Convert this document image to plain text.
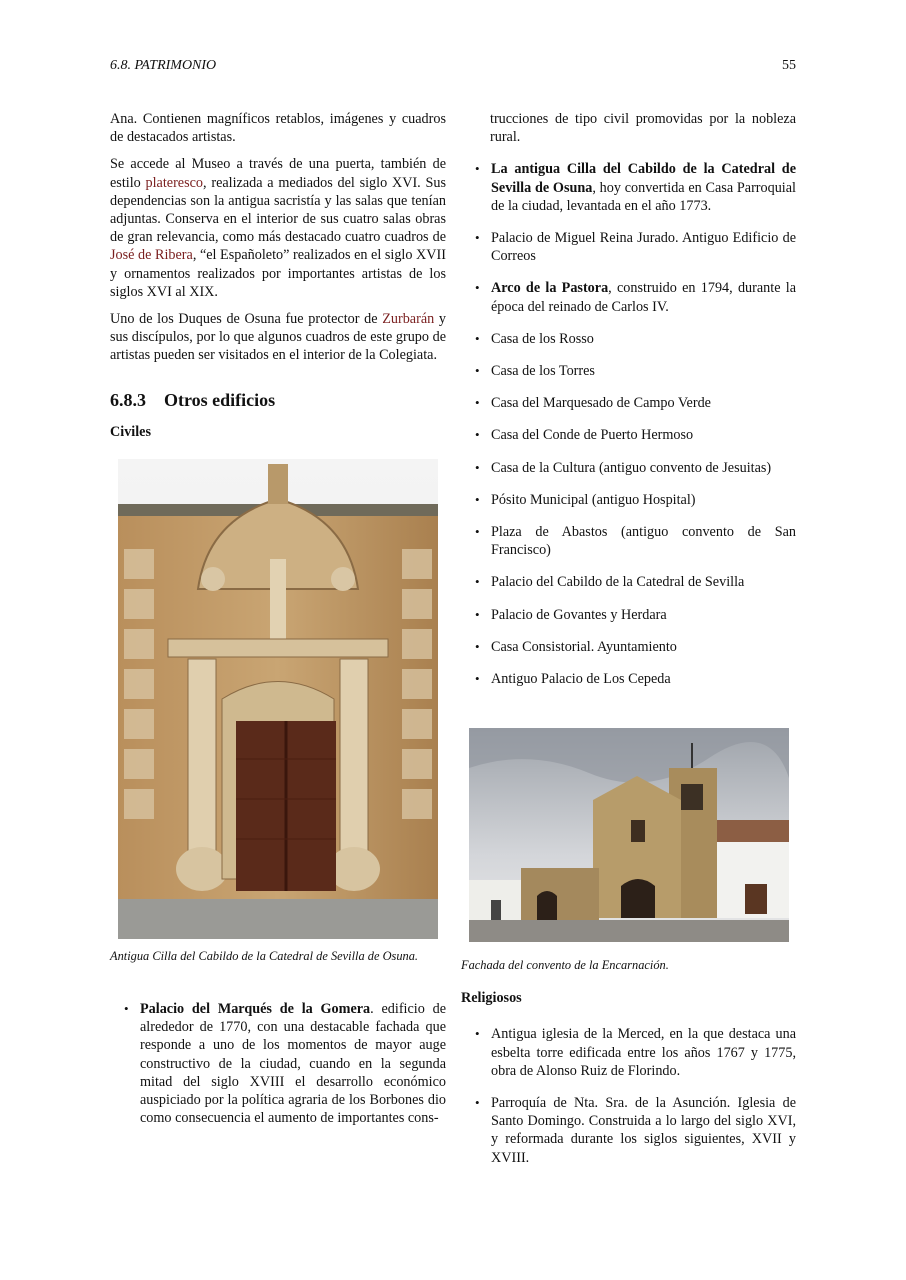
6.8. PATRIMONIO	55

Ana. Contienen magníficos retablos, imágenes y cuadros de destacados artistas.

Se accede al Museo a través de una puerta, también de estilo plateresco, realizada a mediados del siglo XVI. Sus dependencias son la antigua sacristía y las salas que tenían adjuntas. Conserva en el interior de sus cuatro salas obras de gran relevancia, como más destacado cuatro cuadros de José de Ribera, “el Españoleto” realizados en el siglo XVII y ornamentos realizados por importantes artistas de los siglos XVI al XIX.

Uno de los Duques de Osuna fue protector de Zurbarán y sus discípulos, por lo que algunos cuadros de este grupo de artistas pueden ser visitados en el interior de la Colegiata.

6.8.3 Otros edificios
Civiles
Antigua Cilla del Cabildo de la Catedral de Sevilla de Osuna.
• Palacio del Marqués de la Gomera. edificio de alrededor de 1770, con una destacable fachada que responde a uno de los momentos de mayor auge constructivo de la ciudad, cuando en la segunda mitad del siglo XVIII el desarrollo económico auspiciado por la política agraria de los Borbones dio como consecuencia el aumento de importantes cons-

trucciones de tipo civil promovidas por la nobleza rural.

• La antigua Cilla del Cabildo de la Catedral de Sevilla de Osuna, hoy convertida en Casa Parroquial de la ciudad, levantada en el año 1773.
• Palacio de Miguel Reina Jurado. Antiguo Edificio de Correos
• Arco de la Pastora, construido en 1794, durante la época del reinado de Carlos IV.
• Casa de los Rosso
• Casa de los Torres
• Casa del Marquesado de Campo Verde
• Casa del Conde de Puerto Hermoso
• Casa de la Cultura (antiguo convento de Jesuitas)
• Pósito Municipal (antiguo Hospital)
• Plaza de Abastos (antiguo convento de San Francisco)
• Palacio del Cabildo de la Catedral de Sevilla
• Palacio de Govantes y Herdara
• Casa Consistorial. Ayuntamiento
• Antiguo Palacio de Los Cepeda
Fachada del convento de la Encarnación.
Religiosos
• Antigua iglesia de la Merced, en la que destaca una esbelta torre edificada entre los años 1767 y 1775, obra de Alonso Ruiz de Florindo.
• Parroquía de Nta. Sra. de la Asunción. Iglesia de Santo Domingo. Construida a lo largo del siglo XVI, y reformada durante los siglos siguientes, XVII y XVIII.
